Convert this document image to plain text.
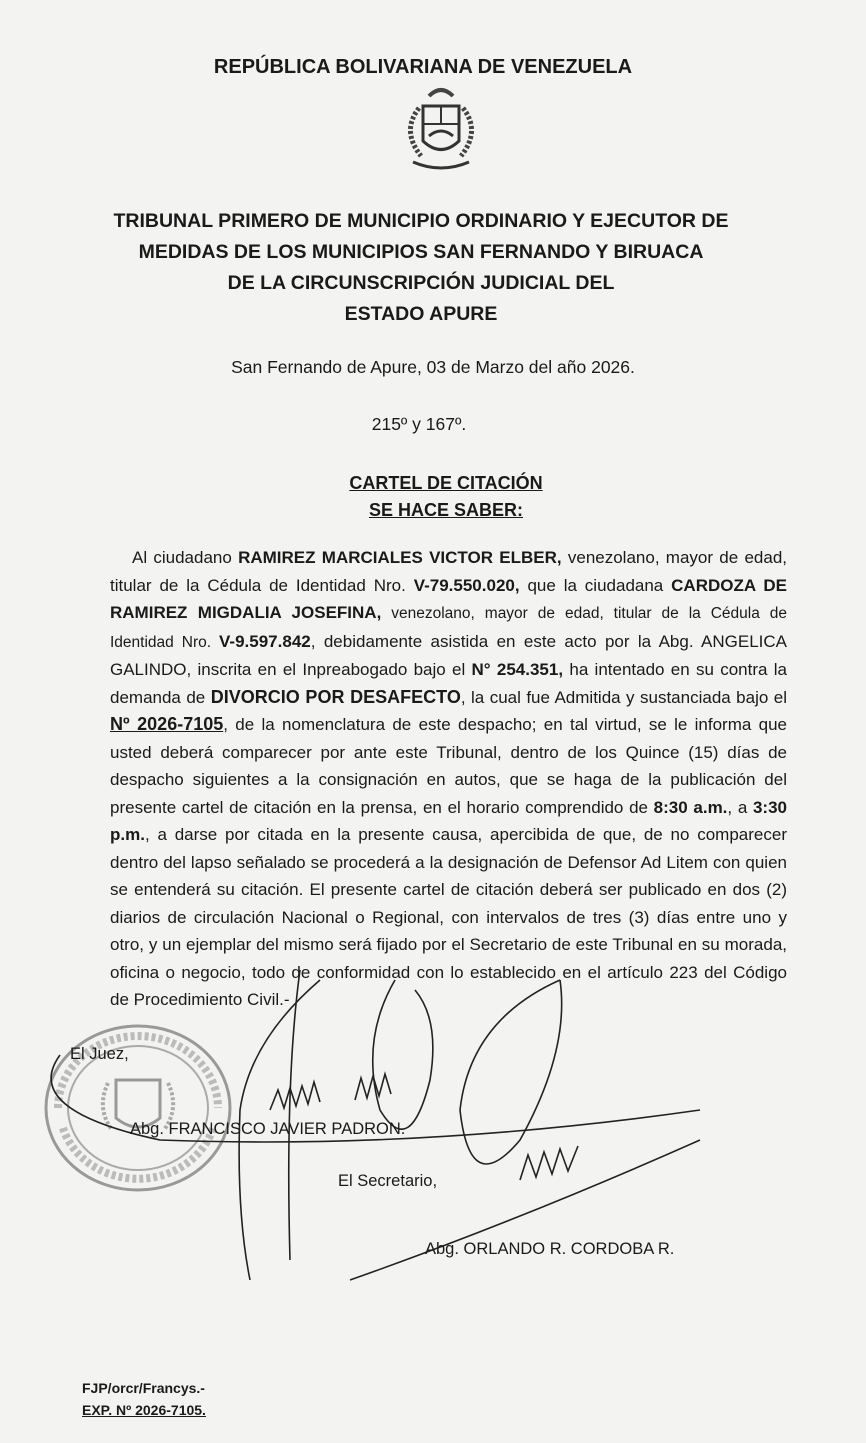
REPÚBLICA BOLIVARIANA DE VENEZUELA
TRIBUNAL PRIMERO DE MUNICIPIO ORDINARIO Y EJECUTOR DE
MEDIDAS DE LOS MUNICIPIOS SAN FERNANDO Y BIRUACA
DE LA CIRCUNSCRIPCIÓN JUDICIAL DEL
ESTADO APURE
San Fernando de Apure, 03 de Marzo del año 2026.
215º y 167º.
CARTEL DE CITACIÓN
SE HACE SABER:
Al ciudadano RAMIREZ MARCIALES VICTOR ELBER, venezolano, mayor de edad, titular de la Cédula de Identidad Nro. V-79.550.020, que la ciudadana CARDOZA DE RAMIREZ MIGDALIA JOSEFINA, venezolano, mayor de edad, titular de la Cédula de Identidad Nro. V-9.597.842, debidamente asistida en este acto por la Abg. ANGELICA GALINDO, inscrita en el Inpreabogado bajo el N° 254.351, ha intentado en su contra la demanda de DIVORCIO POR DESAFECTO, la cual fue Admitida y sustanciada bajo el Nº 2026-7105, de la nomenclatura de este despacho; en tal virtud, se le informa que usted deberá comparecer por ante este Tribunal, dentro de los Quince (15) días de despacho siguientes a la consignación en autos, que se haga de la publicación del presente cartel de citación en la prensa, en el horario comprendido de 8:30 a.m., a 3:30 p.m., a darse por citada en la presente causa, apercibida de que, de no comparecer dentro del lapso señalado se procederá a la designación de Defensor Ad Litem con quien se entenderá su citación. El presente cartel de citación deberá ser publicado en dos (2) diarios de circulación Nacional o Regional, con intervalos de tres (3) días entre uno y otro, y un ejemplar del mismo será fijado por el Secretario de este Tribunal en su morada, oficina o negocio, todo de conformidad con lo establecido en el artículo 223 del Código de Procedimiento Civil.-
El Juez,
Abg. FRANCISCO JAVIER PADRON.
El Secretario,
Abg. ORLANDO R. CORDOBA R.
FJP/orcr/Francys.-
EXP. Nº 2026-7105.
